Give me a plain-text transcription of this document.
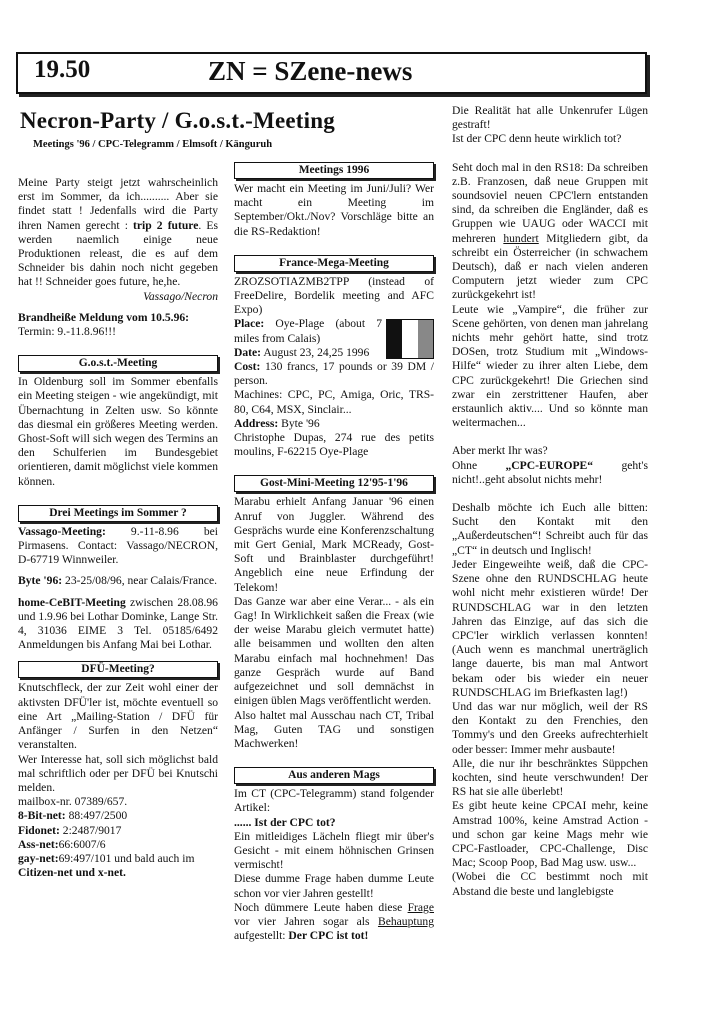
19.50	ZN = SZene-news
Necron-Party / G.o.s.t.-Meeting
Meetings '96 / CPC-Telegramm / Elmsoft / Känguruh

Meine Party steigt jetzt wahrscheinlich erst im Sommer, da ich.......... Aber sie findet statt ! Jedenfalls wird die Party ihren Namen gerecht : trip 2 future. Es werden naemlich einige neue Produktionen releast, die es auf dem Schneider bis dahin noch nicht gegeben hat !! Schneider goes future, he,he.

Vassago/Necron

Brandheiße Meldung vom 10.5.96:
Termin: 9.-11.8.96!!!

G.o.s.t.-Meeting

In Oldenburg soll im Sommer ebenfalls ein Meeting steigen - wie angekündigt, mit Übernachtung in Zelten usw. So könnte das diesmal ein größeres Meeting werden. Ghost-Soft will sich wegen des Termins an den Schulferien im Bundesgebiet orientieren, damit möglichst viele kommen können.

Drei Meetings im Sommer ?

Vassago-Meeting: 9.-11-8.96 bei Pirmasens. Contact: Vassago/NECRON, D-67719 Winnweiler.

Byte '96: 23-25/08/96, near Calais/France.

home-CeBIT-Meeting zwischen 28.08.96 und 1.9.96 bei Lothar Dominke, Lange Str. 4, 31036 EIME 3 Tel. 05185/6492 Anmeldungen bis Anfang Mai bei Lothar.

DFÜ-Meeting?

Knutschfleck, der zur Zeit wohl einer der aktivsten DFÜ'ler ist, möchte eventuell so eine Art „Mailing-Station / DFÜ für Anfänger / Surfen in den Netzen“ veranstalten.

Wer Interesse hat, soll sich möglichst bald mal schriftlich oder per DFÜ bei Knutschi melden.

mailbox-nr. 07389/657.

8-Bit-net: 88:497/2500

Fidonet: 2:2487/9017

Ass-net:66:6007/6

gay-net:69:497/101 und bald auch im

Citizen-net und x-net.

Meetings 1996

Wer macht ein Meeting im Juni/Juli? Wer macht ein Meeting im September/Okt./Nov? Vorschläge bitte an die RS-Redaktion!

France-Mega-Meeting

ZROZSOTIAZMB2TPP (instead of FreeDelire, Bordelik meeting and AFC Expo)

Place: Oye-Plage (about 7 miles from Calais)

Date: August 23, 24,25 1996

Cost: 130 francs, 17 pounds or 39 DM / person.

Machines: CPC, PC, Amiga, Oric, TRS-80, C64, MSX, Sinclair...

Address: Byte '96

Christophe Dupas, 274 rue des petits moulins, F-62215 Oye-Plage

Gost-Mini-Meeting 12'95-1'96

Marabu erhielt Anfang Januar '96 einen Anruf von Juggler. Während des Gesprächs wurde eine Konferenzschaltung mit Gert Genial, Mark MCReady, Gost-Soft und Brainblaster durchgeführt! Angeblich eine neue Erfindung der Telekom!

Das Ganze war aber eine Verar... - als ein Gag! In Wirklichkeit saßen die Freax (wie der weise Marabu gleich vermutet hatte) alle beisammen und wollten den alten Marabu einfach mal hochnehmen! Das ganze Gespräch wurde auf Band aufgezeichnet und soll demnächst in einigen üblen Mags veröffentlicht werden.

Also haltet mal Ausschau nach CT, Tribal Mag, Guten TAG und sonstigen Machwerken!

Aus anderen Mags

Im CT (CPC-Telegramm) stand folgender Artikel:

...... Ist der CPC tot?

Ein mitleidiges Lächeln fliegt mir über's Gesicht - mit einem höhnischen Grinsen vermischt!

Diese dumme Frage haben dumme Leute schon vor vier Jahren gestellt!

Noch dümmere Leute haben diese Frage vor vier Jahren sogar als Behauptung aufgestellt: Der CPC ist tot!

Die Realität hat alle Unkenrufer Lügen gestraft!

Ist der CPC denn heute wirklich tot?

Seht doch mal in den RS18: Da schreiben z.B. Franzosen, daß neue Gruppen mit soundsoviel neuen CPC'lern entstanden sind, da schreiben die Engländer, daß es Gruppen wie UAUG oder WACCI mit mehreren hundert Mitgliedern gibt, da schreibt ein Österreicher (in schwachem Deutsch), daß er nach vielen anderen Computern jetzt wieder zum CPC zurückgekehrt ist!

Leute wie „Vampire“, die früher zur Scene gehörten, von denen man jahrelang nichts mehr gehört hatte, sind trotz DOSen, trotz Studium mit „Windows-Hilfe“ wieder zu ihrer alten Liebe, dem CPC zurückgekehrt! Die Griechen sind zwar ein zerstrittener Haufen, aber erstaunlich aktiv.... Und so könnte man weitermachen...

Aber merkt Ihr was?

Ohne „CPC-EUROPE“ geht's nicht!..geht absolut nichts mehr!

Deshalb möchte ich Euch alle bitten: Sucht den Kontakt mit den „Außerdeutschen“! Schreibt auch für das „CT“ in deutsch und Inglisch!

Jeder Eingeweihte weiß, daß die CPC-Szene ohne den RUNDSCHLAG heute wohl nicht mehr existieren würde! Der RUNDSCHLAG war in den letzten Jahren das Einzige, auf das sich die CPC'ler wirklich verlassen konnten! (Auch wenn es manchmal unerträglich lange dauerte, bis man mal Antwort bekam oder bis wieder ein neuer RUNDSCHLAG im Briefkasten lag!)

Und das war nur möglich, weil der RS den Kontakt zu den Frenchies, den Tommy's und den Greeks aufrechterhielt oder besser: Immer mehr ausbaute!

Alle, die nur ihr beschränktes Süppchen kochten, sind heute verschwunden! Der RS hat sie alle überlebt!

Es gibt heute keine CPCAI mehr, keine Amstrad 100%, keine Amstrad Action - und schon gar keine Mags mehr wie CPC-Fastloader, CPC-Challenge, Disc Mac; Scoop Poop, Bad Mag usw. usw...

(Wobei die CC bestimmt noch mit Abstand die beste und langlebigste
